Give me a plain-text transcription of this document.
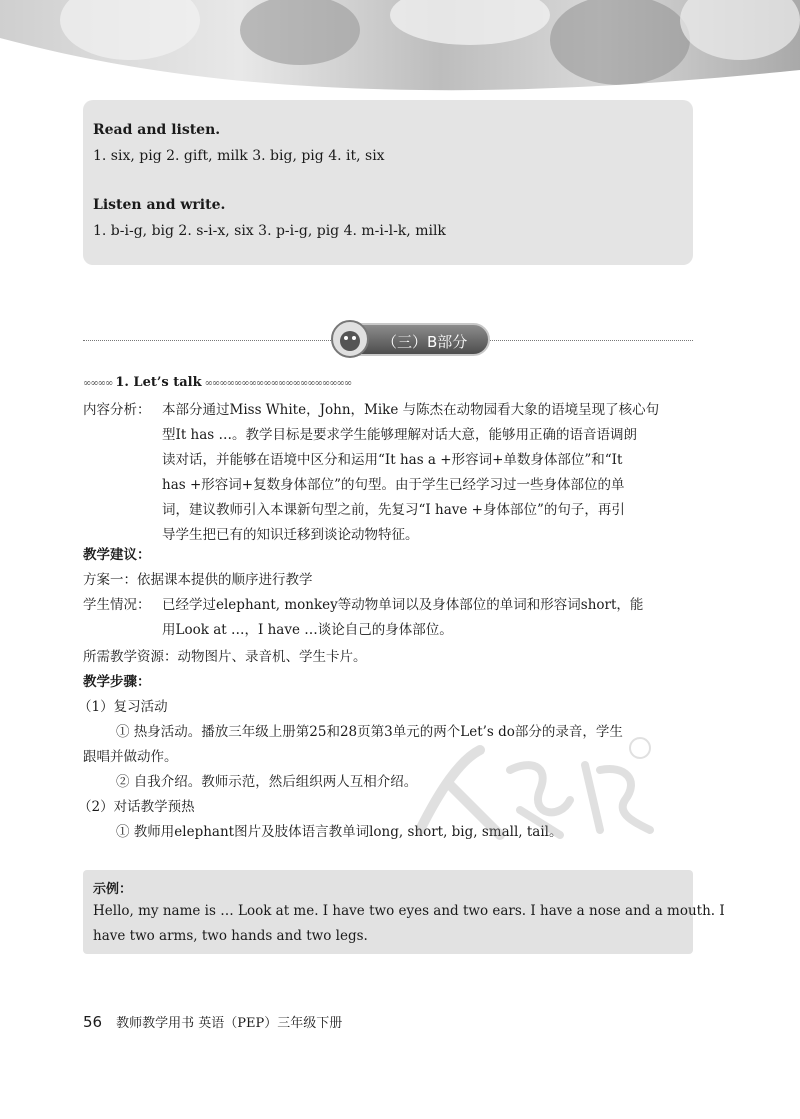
Read and listen.
1. six, pig 2. gift, milk 3. big, pig 4. it, six
Listen and write.
1. b-i-g, big 2. s-i-x, six 3. p-i-g, pig 4. m-i-l-k, milk
（三）B部分
∞∞∞∞ 1. Let’s talk ∞∞∞∞∞∞∞∞∞∞∞∞∞∞∞∞∞∞∞∞
内容分析： 本部分通过Miss White，John，Mike 与陈杰在动物园看大象的语境呈现了核心句
型It has …。教学目标是要求学生能够理解对话大意，能够用正确的语音语调朗
读对话，并能够在语境中区分和运用“It has a +形容词+单数身体部位”和“It
has +形容词+复数身体部位”的句型。由于学生已经学习过一些身体部位的单
词，建议教师引入本课新句型之前，先复习“I have +身体部位”的句子，再引
导学生把已有的知识迁移到谈论动物特征。
教学建议：
方案一：依据课本提供的顺序进行教学
学生情况： 已经学过elephant, monkey等动物单词以及身体部位的单词和形容词short，能
用Look at …，I have …谈论自己的身体部位。
所需教学资源：动物图片、录音机、学生卡片。
教学步骤：
（1）复习活动
① 热身活动。播放三年级上册第25和28页第3单元的两个Let’s do部分的录音，学生
跟唱并做动作。
② 自我介绍。教师示范，然后组织两人互相介绍。
（2）对话教学预热
① 教师用elephant图片及肢体语言教单词long, short, big, small, tail。
示例：
Hello, my name is … Look at me. I have two eyes and two ears. I have a nose and a mouth. I
have two arms, two hands and two legs.
56 教师教学用书 英语（PEP）三年级下册
